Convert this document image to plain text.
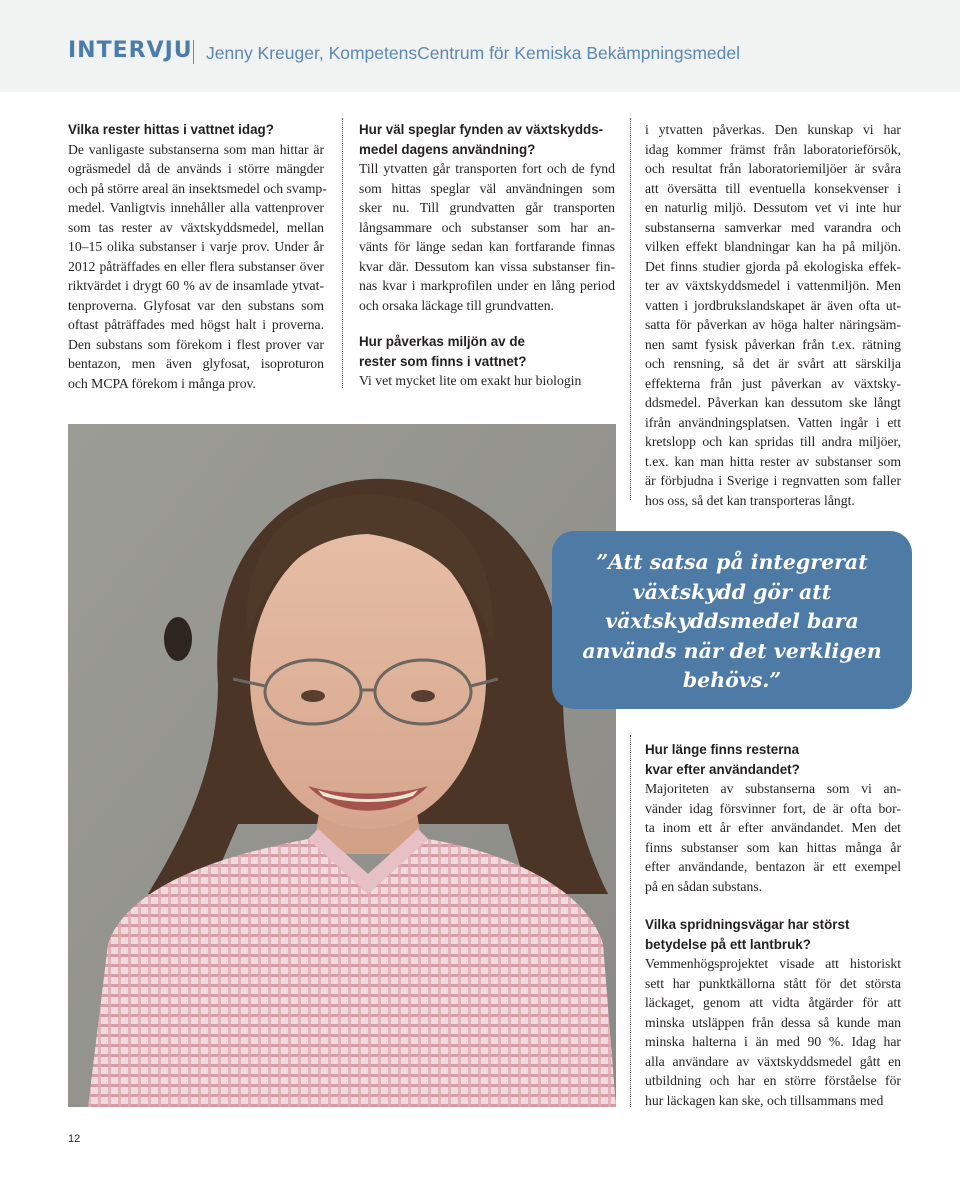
INTERVJU Jenny Kreuger, KompetensCentrum för Kemiska Bekämpningsmedel
Vilka rester hittas i vattnet idag?
De vanligaste substanserna som man hittar är
ogräsmedel då de används i större mängder
och på större areal än insektsmedel och svamp-
medel. Vanligtvis innehåller alla vattenprover
som tas rester av växtskyddsmedel, mellan
10–15 olika substanser i varje prov. Under år
2012 påträffades en eller flera substanser över
riktvärdet i drygt 60 % av de insamlade ytvat-
tenproverna. Glyfosat var den substans som
oftast påträffades med högst halt i proverna.
Den substans som förekom i flest prover var
bentazon, men även glyfosat, isoproturon
och MCPA förekom i många prov.
Hur väl speglar fynden av växtskydds-
medel dagens användning?
Till ytvatten går transporten fort och de fynd
som hittas speglar väl användningen som
sker nu. Till grundvatten går transporten
långsammare och substanser som har an-
vänts för länge sedan kan fortfarande finnas
kvar där. Dessutom kan vissa substanser fin-
nas kvar i markprofilen under en lång period
och orsaka läckage till grundvatten.
Hur påverkas miljön av de
rester som finns i vattnet?
Vi vet mycket lite om exakt hur biologin
i ytvatten påverkas. Den kunskap vi har
idag kommer främst från laboratorieförsök,
och resultat från laboratoriemiljöer är svåra
att översätta till eventuella konsekvenser i
en naturlig miljö. Dessutom vet vi inte hur
substanserna samverkar med varandra och
vilken effekt blandningar kan ha på miljön.
Det finns studier gjorda på ekologiska effek-
ter av växtskyddsmedel i vattenmiljön. Men
vatten i jordbrukslandskapet är även ofta ut-
satta för påverkan av höga halter näringsäm-
nen samt fysisk påverkan från t.ex. rätning
och rensning, så det är svårt att särskilja
effekterna från just påverkan av växtsky-
ddsmedel. Påverkan kan dessutom ske långt
ifrån användningsplatsen. Vatten ingår i ett
kretslopp och kan spridas till andra miljöer,
t.ex. kan man hitta rester av substanser som
är förbjudna i Sverige i regnvatten som faller
hos oss, så det kan transporteras långt.
”Att satsa på integrerat
växtskydd gör att
växtskyddsmedel bara
används när det verkligen
behövs.”
Hur länge finns resterna
kvar efter användandet?
Majoriteten av substanserna som vi an-
vänder idag försvinner fort, de är ofta bor-
ta inom ett år efter användandet. Men det
finns substanser som kan hittas många år
efter användande, bentazon är ett exempel
på en sådan substans.
Vilka spridningsvägar har störst
betydelse på ett lantbruk?
Vemmenhögsprojektet visade att historiskt
sett har punktkällorna stått för det största
läckaget, genom att vidta åtgärder för att
minska utsläppen från dessa så kunde man
minska halterna i än med 90 %. Idag har
alla användare av växtskyddsmedel gått en
utbildning och har en större förståelse för
hur läckagen kan ske, och tillsammans med
12
